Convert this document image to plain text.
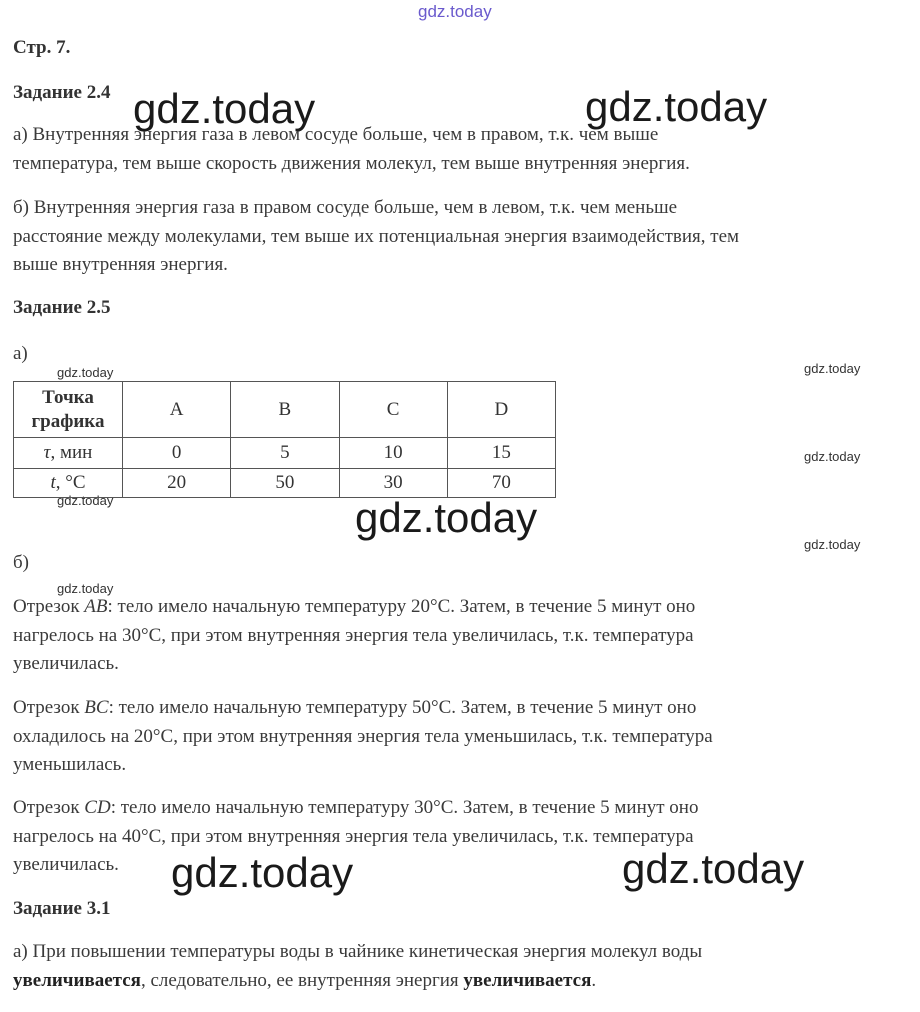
gdz.today
gdz.today	gdz.today
gdz.today	gdz.today
gdz.today
gdz.today	gdz.today
gdz.today
gdz.today
gdz.today	gdz.today
Стр. 7.
Задание 2.4
а) Внутренняя энергия газа в левом сосуде больше, чем в правом, т.к. чем выше
температура, тем выше скорость движения молекул, тем выше внутренняя энергия.
б) Внутренняя энергия газа в правом сосуде больше, чем в левом, т.к. чем меньше
расстояние между молекулами, тем выше их потенциальная энергия взаимодействия, тем
выше внутренняя энергия.
Задание 2.5
а)
Точка
графика	A	B	C	D
τ, мин	0	5	10	15
t, °С	20	50	30	70
б)
Отрезок AB: тело имело начальную температуру 20°С. Затем, в течение 5 минут оно
нагрелось на 30°С, при этом внутренняя энергия тела увеличилась, т.к. температура
увеличилась.
Отрезок BC: тело имело начальную температуру 50°С. Затем, в течение 5 минут оно
охладилось на 20°С, при этом внутренняя энергия тела уменьшилась, т.к. температура
уменьшилась.
Отрезок CD: тело имело начальную температуру 30°С. Затем, в течение 5 минут оно
нагрелось на 40°С, при этом внутренняя энергия тела увеличилась, т.к. температура
увеличилась.
Задание 3.1
а) При повышении температуры воды в чайнике кинетическая энергия молекул воды
увеличивается, следовательно, ее внутренняя энергия увеличивается.
